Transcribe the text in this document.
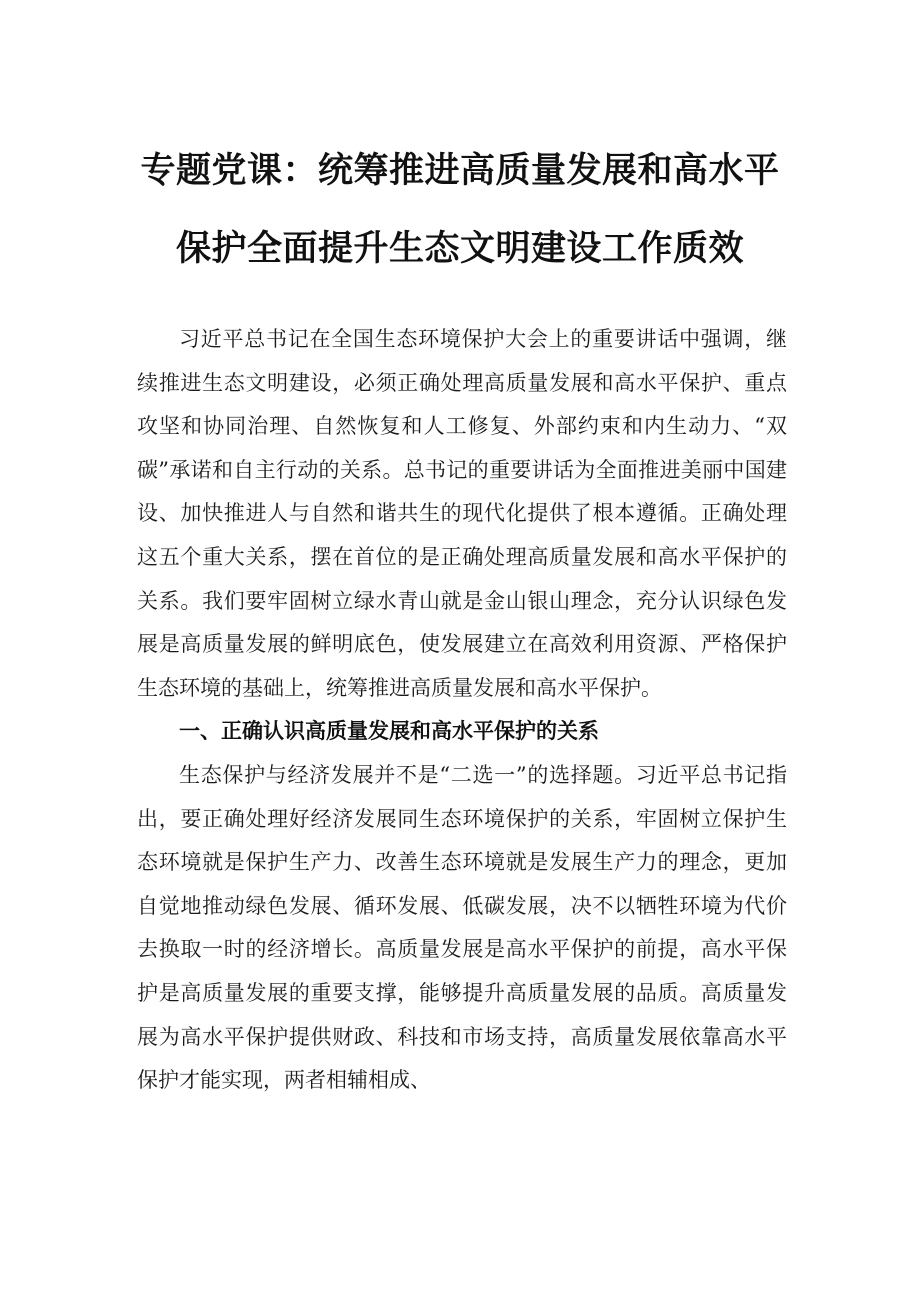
专题党课：统筹推进高质量发展和高水平
保护全面提升生态文明建设工作质效

习近平总书记在全国生态环境保护大会上的重要讲话中强调，继续推进生态文明建设，必须正确处理高质量发展和高水平保护、重点攻坚和协同治理、自然恢复和人工修复、外部约束和内生动力、“双碳”承诺和自主行动的关系。总书记的重要讲话为全面推进美丽中国建设、加快推进人与自然和谐共生的现代化提供了根本遵循。正确处理这五个重大关系，摆在首位的是正确处理高质量发展和高水平保护的关系。我们要牢固树立绿水青山就是金山银山理念，充分认识绿色发展是高质量发展的鲜明底色，使发展建立在高效利用资源、严格保护生态环境的基础上，统筹推进高质量发展和高水平保护。

一、正确认识高质量发展和高水平保护的关系

生态保护与经济发展并不是“二选一”的选择题。习近平总书记指出，要正确处理好经济发展同生态环境保护的关系，牢固树立保护生态环境就是保护生产力、改善生态环境就是发展生产力的理念，更加自觉地推动绿色发展、循环发展、低碳发展，决不以牺牲环境为代价去换取一时的经济增长。高质量发展是高水平保护的前提，高水平保护是高质量发展的重要支撑，能够提升高质量发展的品质。高质量发展为高水平保护提供财政、科技和市场支持，高质量发展依靠高水平保护才能实现，两者相辅相成、
